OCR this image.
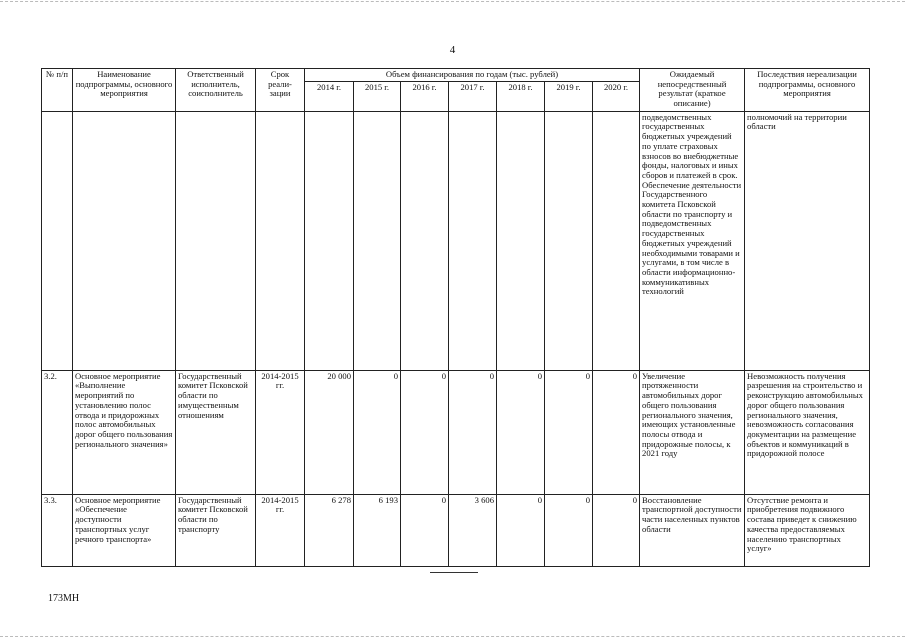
4
№ п/п	Наименование подпрограммы, основного мероприятия	Ответственный исполнитель, соисполнитель	Срок реали-зации	Объем финансирования по годам (тыс. рублей)							Ожидаемый непосредственный результат (краткое описание)	Последствия нереализации подпрограммы, основного мероприятия
				2014 г.	2015 г.	2016 г.	2017 г.	2018 г.	2019 г.	2020 г.		
											подведомственных государственных бюджетных учреждений по уплате страховых взносов во внебюджетные фонды, налоговых и иных сборов и платежей в срок. Обеспечение деятельности Государственного комитета Псковской области по транспорту и подведомственных государственных бюджетных учреждений необходимыми товарами и услугами, в том числе в области информационно-коммуникативных технологий	полномочий на территории области
3.2.	Основное мероприятие «Выполнение мероприятий по установлению полос отвода и придорожных полос автомобильных дорог общего пользования регионального значения»	Государственный комитет Псковской области по имущественным отношениям	2014-2015 гг.	20 000	0	0	0	0	0	0	Увеличение протяженности автомобильных дорог общего пользования регионального значения, имеющих установленные полосы отвода и придорожные полосы, к 2021 году	Невозможность получения разрешения на строительство и реконструкцию автомобильных дорог общего пользования регионального значения, невозможность согласования документации на размещение объектов и коммуникаций в придорожной полосе
3.3.	Основное мероприятие «Обеспечение доступности транспортных услуг речного транспорта»	Государственный комитет Псковской области по транспорту	2014-2015 гг.	6 278	6 193	0	3 606	0	0	0	Восстановление транспортной доступности части населенных пунктов области	Отсутствие ремонта и приобретения подвижного состава приведет к снижению качества предоставляемых населению транспортных услуг»
173МН
